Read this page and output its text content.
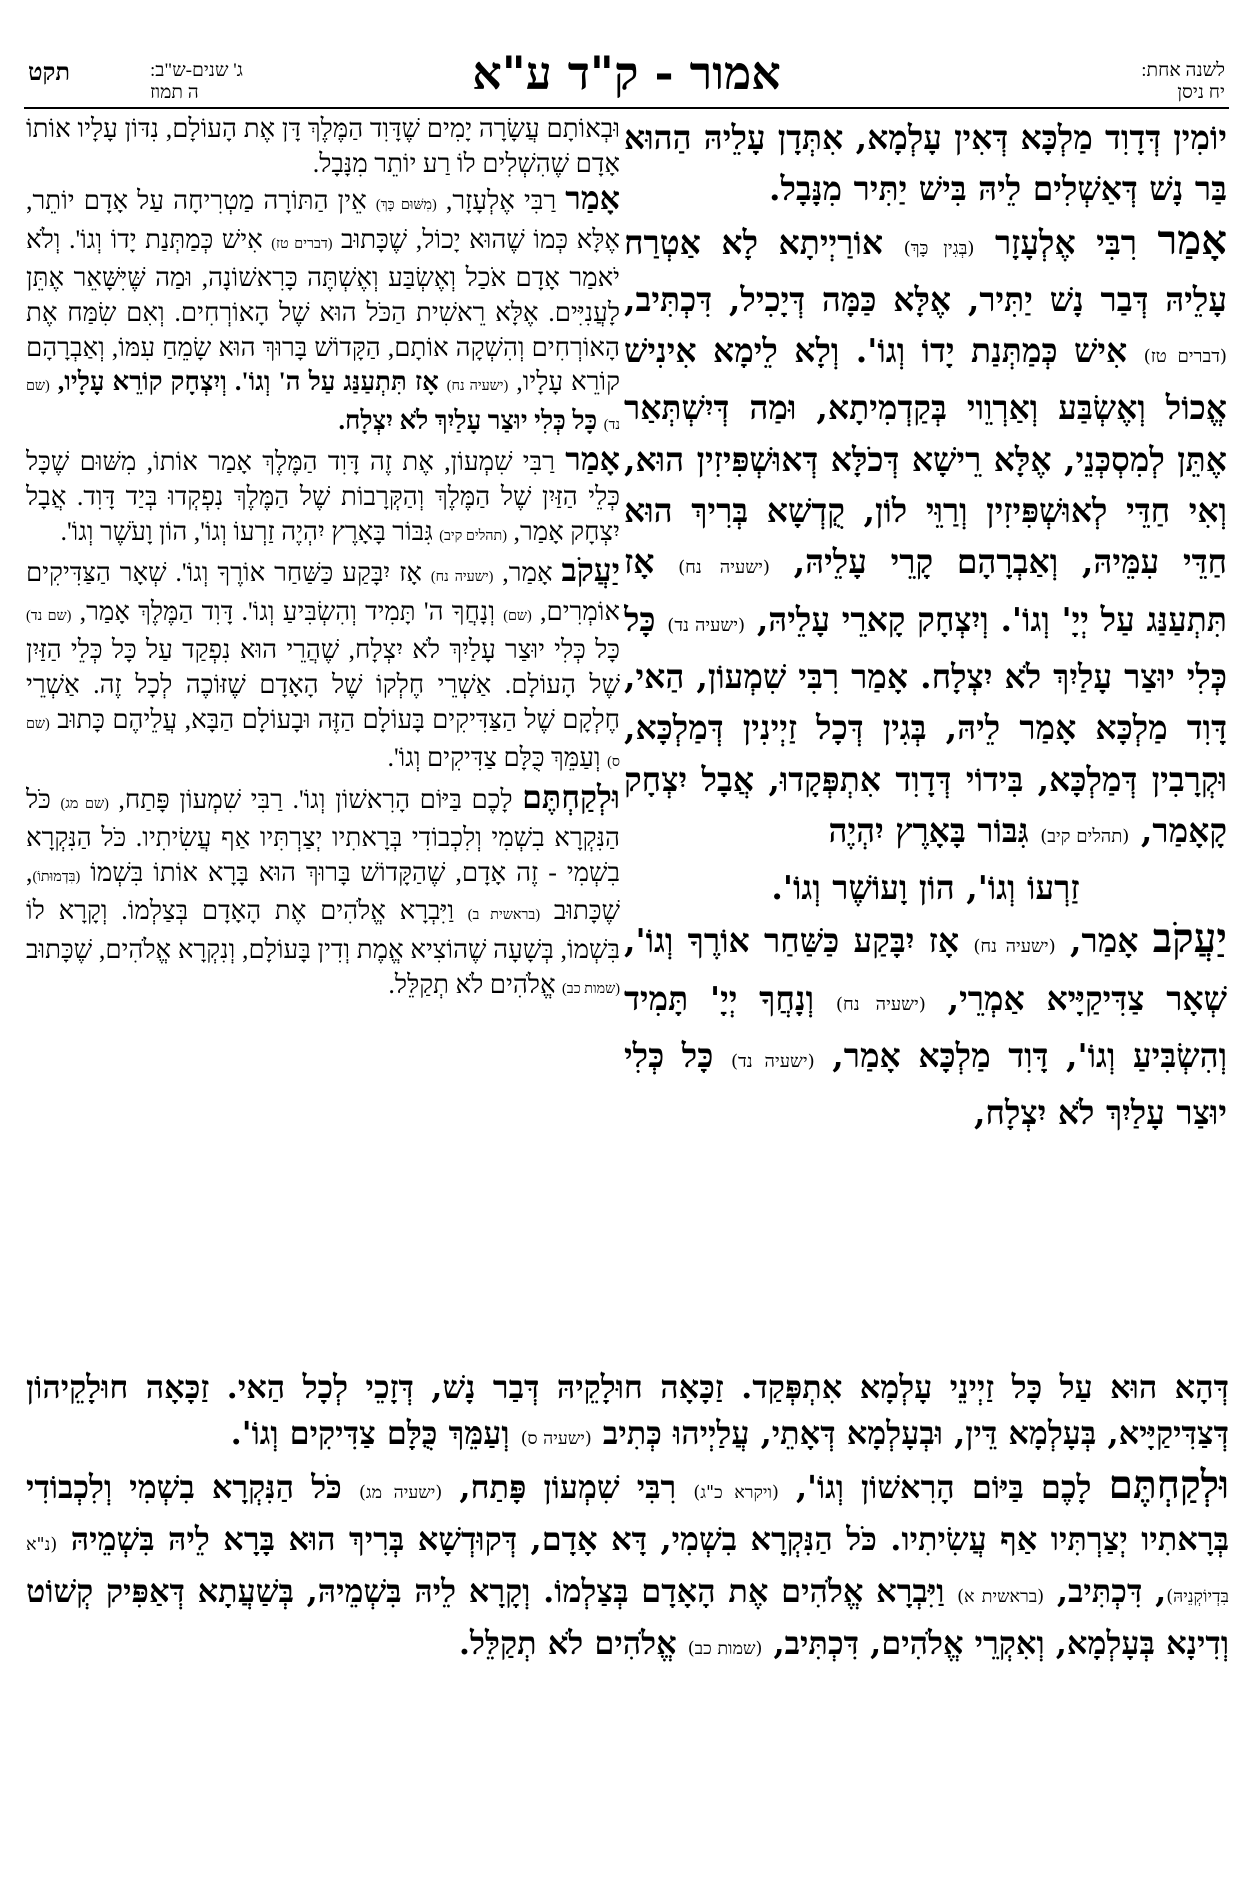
לשנה אחת:
יח ניסן
אמור - ק"ד ע"א
ג' שנים-ש"ב:
ה תמוז
תקט

יוֹמִין דְּדָוִד מַלְכָּא דְּאִין עָלְמָא, אִתְּדָן עָלֵיהּ הַהוּא בַּר נָשׁ דְּאַשְׁלִים לֵיהּ בִּישׁ יַתִּיר מִנָּבָל.

אָמַר רִבִּי אֶלְעָזָר (בְּגִין כָּךְ) אוֹרַיְיתָא לָא אַטְרַח עָלֵיהּ דְּבַר נָשׁ יַתִּיר, אֶלָּא כַּמָּה דְּיָכִיל, דִּכְתִּיב, (דברים טז) אִישׁ כְּמַתְּנַת יָדוֹ וְגוֹ'. וְלָא לֵימָא אִינִישׁ אֱכוֹל וְאֶשְׂבַּע וְאַרְוֵוי בְּקַדְמִיתָא, וּמַה דְּיִשְׁתְּאַר אֶתֵּן לְמִסְכְּנֵי, אֶלָּא רֵישָׁא דְּכֹלָּא דְּאוּשְׁפִּיזִין הוּא, וְאִי חַדֵּי לְאוּשְׁפִּיזִין וְרַוֵּי לוֹן, קֻדְשָׁא בְּרִיךְ הוּא חַדֵּי עִמֵּיהּ, וְאַבְרָהָם קָרֵי עָלֵיהּ, (ישעיה נח) אָז תִּתְעַנַּג עַל יְיָ' וְגוֹ'. וְיִצְחָק קָארֵי עָלֵיהּ, (ישעיה נד) כָּל כְּלִי יוּצַר עָלַיִךְ לֹא יִצְלָח. אָמַר רִבִּי שִׁמְעוֹן, הַאי, דָּוִד מַלְכָּא אָמַר לֵיהּ, בְּגִין דְּכָל זַיְינִין דְּמַלְכָּא, וּקְרָבִין דְּמַלְכָּא, בִּידוֹי דְּדָוִד אִתְפְּקָדוּ, אֲבָל יִצְחָק קָאָמַר, (תהלים קיב) גִּבּוֹר בָּאָרֶץ יִהְיֶה

זַרְעוֹ וְגוֹ', הוֹן וָעוֹשֶׁר וְגוֹ'.

יַעֲקֹב אָמַר, (ישעיה נח) אָז יִבָּקַע כַּשַּׁחַר אוֹרֶךָ וְגוֹ', שְׁאָר צַדִּיקַיָּיא אַמְרֵי, (ישעיה נח) וְנָחֲךָ יְיָ' תָּמִיד וְהִשְׂבִּיעַ וְגוֹ', דָּוִד מַלְכָּא אָמַר, (ישעיה נד) כָּל כְּלִי יוּצַר עָלַיִךְ לֹא יִצְלָח,

וּבְאוֹתָם עֲשָׂרָה יָמִים שֶׁדָּוִד הַמֶּלֶךְ דָּן אֶת הָעוֹלָם, נִדּוֹן עָלָיו אוֹתוֹ אָדָם שֶׁהִשְׁלִים לוֹ רַע יוֹתֵר מִנָּבָל.

אָמַר רַבִּי אֶלְעָזָר, (מִשּׁוּם כָּךְ) אֵין הַתּוֹרָה מַטְרִיחָה עַל אָדָם יוֹתֵר, אֶלָּא כְּמוֹ שֶׁהוּא יָכוֹל, שֶׁכָּתוּב (דברים טז) אִישׁ כְּמַתְּנַת יָדוֹ וְגוֹ'. וְלֹא יֹאמַר אָדָם אֹכַל וְאֶשְׂבַּע וְאֶשְׁתֶּה כָּרִאשׁוֹנָה, וּמַה שֶּׁיִּשָּׁאֵר אֶתֵּן לָעֲנִיִּים. אֶלָּא רֵאשִׁית הַכֹּל הוּא שֶׁל הָאוֹרְחִים. וְאִם שִׂמַּח אֶת הָאוֹרְחִים וְהִשְׁקָה אוֹתָם, הַקָּדוֹשׁ בָּרוּךְ הוּא שָׂמֵחַ עִמּוֹ, וְאַבְרָהָם קוֹרֵא עָלָיו, (ישעיה נח) אָז תִּתְעַנַּג עַל ה' וְגוֹ'. וְיִצְחָק קוֹרֵא עָלָיו, (שם נד) כָּל כְּלִי יוּצַר עָלַיִךְ לֹא יִצְלָח.

אָמַר רַבִּי שִׁמְעוֹן, אֶת זֶה דָּוִד הַמֶּלֶךְ אָמַר אוֹתוֹ, מִשּׁוּם שֶׁכָּל כְּלֵי הַזַּיִן שֶׁל הַמֶּלֶךְ וְהַקְּרָבוֹת שֶׁל הַמֶּלֶךְ נִפְקְדוּ בְּיַד דָּוִד. אֲבָל יִצְחָק אָמַר, (תהלים קיב) גִּבּוֹר בָּאָרֶץ יִהְיֶה זַרְעוֹ וְגוֹ', הוֹן וָעֹשֶׁר וְגוֹ'.

יַעֲקֹב אָמַר, (ישעיה נח) אָז יִבָּקַע כַּשַּׁחַר אוֹרֶךָ וְגוֹ'. שְׁאָר הַצַּדִּיקִים אוֹמְרִים, (שם) וְנָחֲךָ ה' תָּמִיד וְהִשְׂבִּיעַ וְגוֹ'. דָּוִד הַמֶּלֶךְ אָמַר, (שם נד) כָּל כְּלִי יוּצַר עָלַיִךְ לֹא יִצְלָח, שֶׁהֲרֵי הוּא נִפְקַד עַל כָּל כְּלֵי הַזַּיִן שֶׁל הָעוֹלָם. אַשְׁרֵי חֶלְקוֹ שֶׁל הָאָדָם שֶׁזּוֹכֶה לְכָל זֶה. אַשְׁרֵי חֶלְקָם שֶׁל הַצַּדִּיקִים בָּעוֹלָם הַזֶּה וּבָעוֹלָם הַבָּא, עֲלֵיהֶם כָּתוּב (שם ס) וְעַמֵּךְ כֻּלָּם צַדִּיקִים וְגוֹ'.

וּלְקַחְתֶּם לָכֶם בַּיּוֹם הָרִאשׁוֹן וְגוֹ'. רַבִּי שִׁמְעוֹן פָּתַח, (שם מג) כֹּל הַנִּקְרָא בִשְׁמִי וְלִכְבוֹדִי בְּרָאתִיו יְצַרְתִּיו אַף עֲשִׂיתִיו. כֹּל הַנִּקְרָא בִשְׁמִי - זֶה אָדָם, שֶׁהַקָּדוֹשׁ בָּרוּךְ הוּא בָּרָא אוֹתוֹ בִּשְׁמוֹ (בִּדְמוּתוֹ), שֶׁכָּתוּב (בראשית ב) וַיִּבְרָא אֱלֹהִים אֶת הָאָדָם בְּצַלְמוֹ. וְקָרָא לוֹ בִּשְׁמוֹ, בְּשָׁעָה שֶׁהוֹצִיא אֱמֶת וְדִין בָּעוֹלָם, וְנִקְרָא אֱלֹהִים, שֶׁכָּתוּב (שמות כב) אֱלֹהִים לֹא תְקַלֵּל.

דְּהָא הוּא עַל כָּל זַיְינֵי עָלְמָא אִתְפְּקַד. זַכָּאָה חוּלָקֵיהּ דְּבַר נָשׁ, דְּזָכֵי לְכָל הַאי. זַכָּאָה חוּלָקֵיהוֹן דְּצַדִּיקַיָּיא, בְּעָלְמָא דֵּין, וּבְעָלְמָא דְּאָתֵי, עֲלַיְיהוּ כְּתִיב (ישעיה ס) וְעַמֵּךְ כֻּלָּם צַדִּיקִים וְגוֹ'.

וּלְקַחְתֶּם לָכֶם בַּיּוֹם הָרִאשׁוֹן וְגוֹ', (ויקרא כ"ג) רִבִּי שִׁמְעוֹן פָּתַח, (ישעיה מג) כֹּל הַנִּקְרָא בִשְׁמִי וְלִכְבוֹדִי בְּרָאתִיו יְצַרְתִּיו אַף עֲשִׂיתִיו. כֹּל הַנִּקְרָא בִשְׁמִי, דָּא אָדָם, דְּקוּדְשָׁא בְּרִיךְ הוּא בָּרָא לֵיהּ בִּשְׁמֵיהּ (נ"א בִּדְיוֹקְנֵיהּ), דִּכְתִּיב, (בראשית א) וַיִּבְרָא אֱלֹהִים אֶת הָאָדָם בְּצַלְמוֹ. וְקָרָא לֵיהּ בִּשְׁמֵיהּ, בְּשַׁעֲתָא דְּאַפִּיק קְשׁוֹט וְדִינָא בְּעָלְמָא, וְאִקְרֵי אֱלֹהִים, דִּכְתִּיב, (שמות כב) אֱלֹהִים לֹא תְקַלֵּל.
